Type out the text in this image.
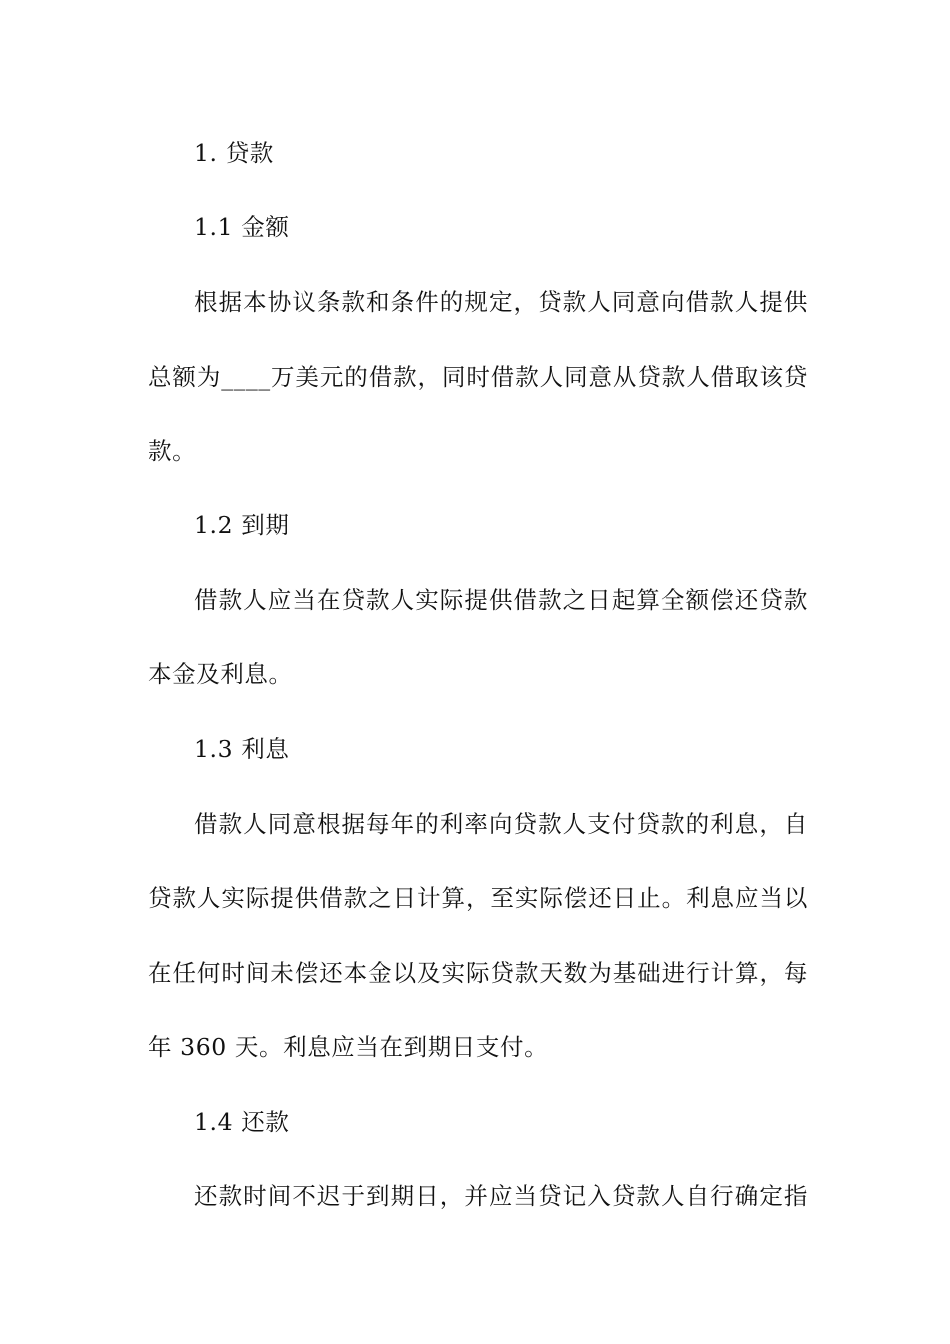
1. 贷款
1.1 金额
根据本协议条款和条件的规定，贷款人同意向借款人提供
总额为____万美元的借款，同时借款人同意从贷款人借取该贷
款。
1.2 到期
借款人应当在贷款人实际提供借款之日起算全额偿还贷款
本金及利息。
1.3 利息
借款人同意根据每年的利率向贷款人支付贷款的利息，自
贷款人实际提供借款之日计算，至实际偿还日止。利息应当以
在任何时间未偿还本金以及实际贷款天数为基础进行计算，每
年 360 天。利息应当在到期日支付。
1.4 还款
还款时间不迟于到期日，并应当贷记入贷款人自行确定指
